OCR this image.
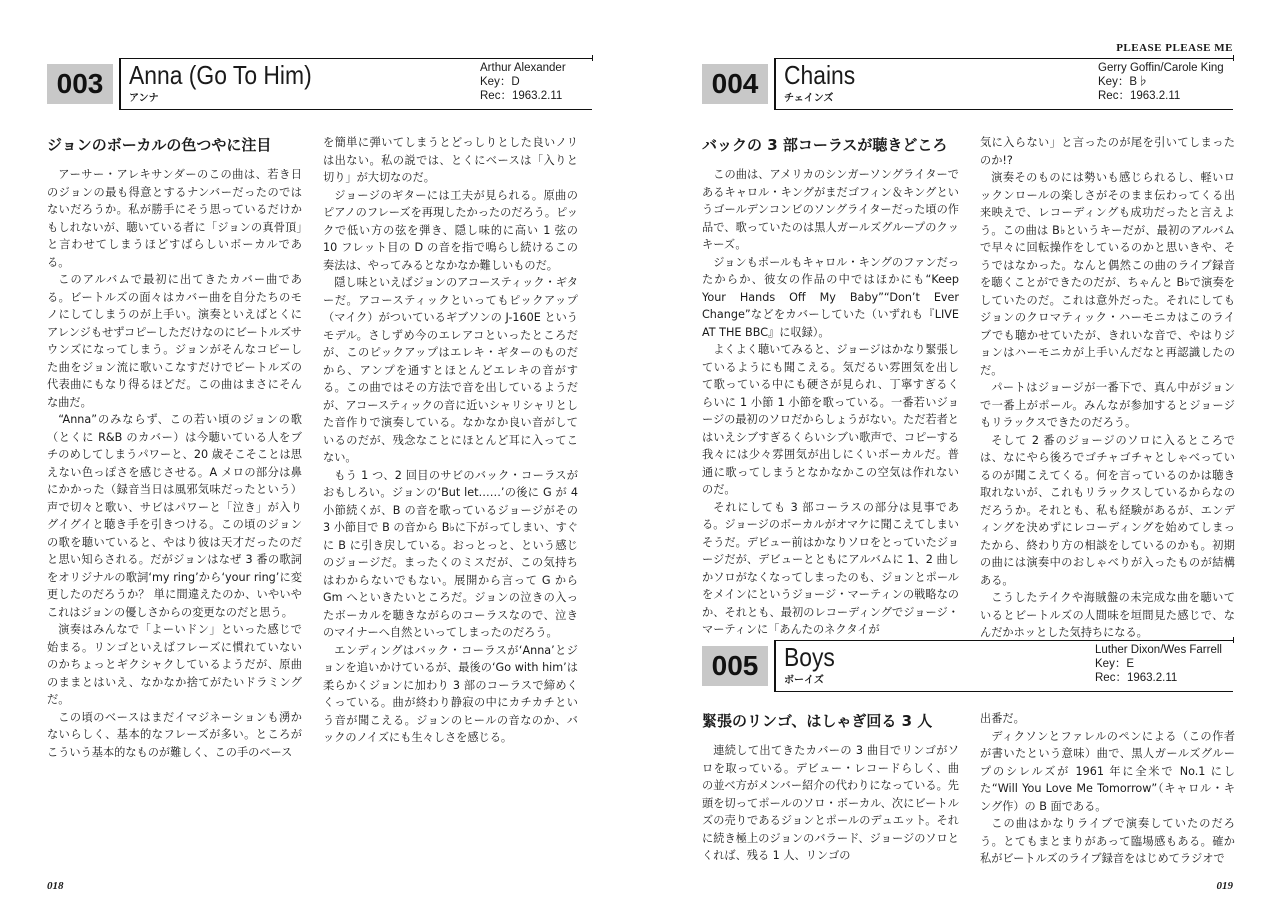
003 Anna (Go To Him)
アンナ
Arthur Alexander
Key：D
Rec：1963.2.11
ジョンのボーカルの色つやに注目

アーサー・アレキサンダーのこの曲は、若き日のジョンの最も得意とするナンバーだったのではないだろうか。私が勝手にそう思っているだけかもしれないが、聴いている者に「ジョンの真骨頂」と言わせてしまうほどすばらしいボーカルである。

このアルバムで最初に出てきたカバー曲である。ビートルズの面々はカバー曲を自分たちのモノにしてしまうのが上手い。演奏といえばとくにアレンジもせずコピーしただけなのにビートルズサウンズになってしまう。ジョンがそんなコピーした曲をジョン流に歌いこなすだけでビートルズの代表曲にもなり得るほどだ。この曲はまさにそんな曲だ。

“Anna”のみならず、この若い頃のジョンの歌（とくに R&B のカバー）は今聴いている人をブチのめしてしまうパワーと、20 歳そこそことは思えない色っぽさを感じさせる。A メロの部分は鼻にかかった（録音当日は風邪気味だったという）声で切々と歌い、サビはパワーと「泣き」が入りグイグイと聴き手を引きつける。この頃のジョンの歌を聴いていると、やはり彼は天才だったのだと思い知らされる。だがジョンはなぜ 3 番の歌詞をオリジナルの歌詞‘my ring’から‘your ring’に変更したのだろうか？ 単に間違えたのか、いやいやこれはジョンの優しさからの変更なのだと思う。

演奏はみんなで「よーいドン」といった感じで始まる。リンゴといえばフレーズに慣れていないのかちょっとギクシャクしているようだが、原曲のままとはいえ、なかなか捨てがたいドラミングだ。

この頃のベースはまだイマジネーションも湧かないらしく、基本的なフレーズが多い。ところがこういう基本的なものが難しく、この手のベース

を簡単に弾いてしまうとどっしりとした良いノリは出ない。私の説では、とくにベースは「入りと切り」が大切なのだ。

ジョージのギターには工夫が見られる。原曲のピアノのフレーズを再現したかったのだろう。ピックで低い方の弦を弾き、隠し味的に高い 1 弦の 10 フレット目の D の音を指で鳴らし続けるこの奏法は、やってみるとなかなか難しいものだ。

隠し味といえばジョンのアコースティック・ギターだ。アコースティックといってもピックアップ（マイク）がついているギブソンの J-160E というモデル。さしずめ今のエレアコといったところだが、このピックアップはエレキ・ギターのものだから、アンプを通すとほとんどエレキの音がする。この曲ではその方法で音を出しているようだが、アコースティックの音に近いシャリシャリとした音作りで演奏している。なかなか良い音がしているのだが、残念なことにほとんど耳に入ってこない。

もう 1 つ、2 回目のサビのバック・コーラスがおもしろい。ジョンの‘But let……’の後に G が 4 小節続くが、B の音を歌っているジョージがその 3 小節目で B の音から B♭に下がってしまい、すぐに B に引き戻している。おっとっと、という感じのジョージだ。まったくのミスだが、この気持ちはわからないでもない。展開から言って G から Gm へといきたいところだ。ジョンの泣きの入ったボーカルを聴きながらのコーラスなので、泣きのマイナーへ自然といってしまったのだろう。

エンディングはバック・コーラスが‘Anna’とジョンを追いかけているが、最後の‘Go with him’は柔らかくジョンに加わり 3 部のコーラスで締めくくっている。曲が終わり静寂の中にカチカチという音が聞こえる。ジョンのヒールの音なのか、バックのノイズにも生々しさを感じる。

018
PLEASE PLEASE ME
004 Chains
チェインズ
Gerry Goffin/Carole King
Key：B♭
Rec：1963.2.11
バックの 3 部コーラスが聴きどころ

この曲は、アメリカのシンガーソングライターであるキャロル・キングがまだゴフィン＆キングというゴールデンコンビのソングライターだった頃の作品で、歌っていたのは黒人ガールズグループのクッキーズ。

ジョンもポールもキャロル・キングのファンだったからか、彼女の作品の中ではほかにも“Keep Your Hands Off My Baby”“Don’t Ever Change”などをカバーしていた（いずれも『LIVE AT THE BBC』に収録）。

よくよく聴いてみると、ジョージはかなり緊張しているようにも聞こえる。気だるい雰囲気を出して歌っている中にも硬さが見られ、丁寧すぎるくらいに 1 小節 1 小節を歌っている。一番若いジョージの最初のソロだからしょうがない。ただ若者とはいえシブすぎるくらいシブい歌声で、コピーする我々には少々雰囲気が出しにくいボーカルだ。普通に歌ってしまうとなかなかこの空気は作れないのだ。

それにしても 3 部コーラスの部分は見事である。ジョージのボーカルがオマケに聞こえてしまいそうだ。デビュー前はかなりソロをとっていたジョージだが、デビューとともにアルバムに 1、2 曲しかソロがなくなってしまったのも、ジョンとポールをメインにというジョージ・マーティンの戦略なのか、それとも、最初のレコーディングでジョージ・マーティンに「あんたのネクタイが

気に入らない」と言ったのが尾を引いてしまったのか!?

演奏そのものには勢いも感じられるし、軽いロックンロールの楽しさがそのまま伝わってくる出来映えで、レコーディングも成功だったと言えよう。この曲は B♭というキーだが、最初のアルバムで早々に回転操作をしているのかと思いきや、そうではなかった。なんと偶然この曲のライブ録音を聴くことができたのだが、ちゃんと B♭で演奏をしていたのだ。これは意外だった。それにしてもジョンのクロマティック・ハーモニカはこのライブでも聴かせていたが、きれいな音で、やはりジョンはハーモニカが上手いんだなと再認識したのだ。

パートはジョージが一番下で、真ん中がジョンで一番上がポール。みんなが参加するとジョージもリラックスできたのだろう。

そして 2 番のジョージのソロに入るところでは、なにやら後ろでゴチャゴチャとしゃべっているのが聞こえてくる。何を言っているのかは聴き取れないが、これもリラックスしているからなのだろうか。それとも、私も経験があるが、エンディングを決めずにレコーディングを始めてしまったから、終わり方の相談をしているのかも。初期の曲には演奏中のおしゃべりが入ったものが結構ある。

こうしたテイクや海賊盤の未完成な曲を聴いているとビートルズの人間味を垣間見た感じで、なんだかホッとした気持ちになる。

005 Boys
ボーイズ
Luther Dixon/Wes Farrell
Key：E
Rec：1963.2.11
緊張のリンゴ、はしゃぎ回る 3 人

連続して出てきたカバーの 3 曲目でリンゴがソロを取っている。デビュー・レコードらしく、曲の並べ方がメンバー紹介の代わりになっている。先頭を切ってポールのソロ・ボーカル、次にビートルズの売りであるジョンとポールのデュエット。それに続き極上のジョンのバラード、ジョージのソロとくれば、残る 1 人、リンゴの

出番だ。

ディクソンとファレルのペンによる（この作者が書いたという意味）曲で、黒人ガールズグループのシレルズが 1961 年に全米で No.1 にした“Will You Love Me Tomorrow”（キャロル・キング作）の B 面である。

この曲はかなりライブで演奏していたのだろう。とてもまとまりがあって臨場感もある。確か私がビートルズのライブ録音をはじめてラジオで

019
